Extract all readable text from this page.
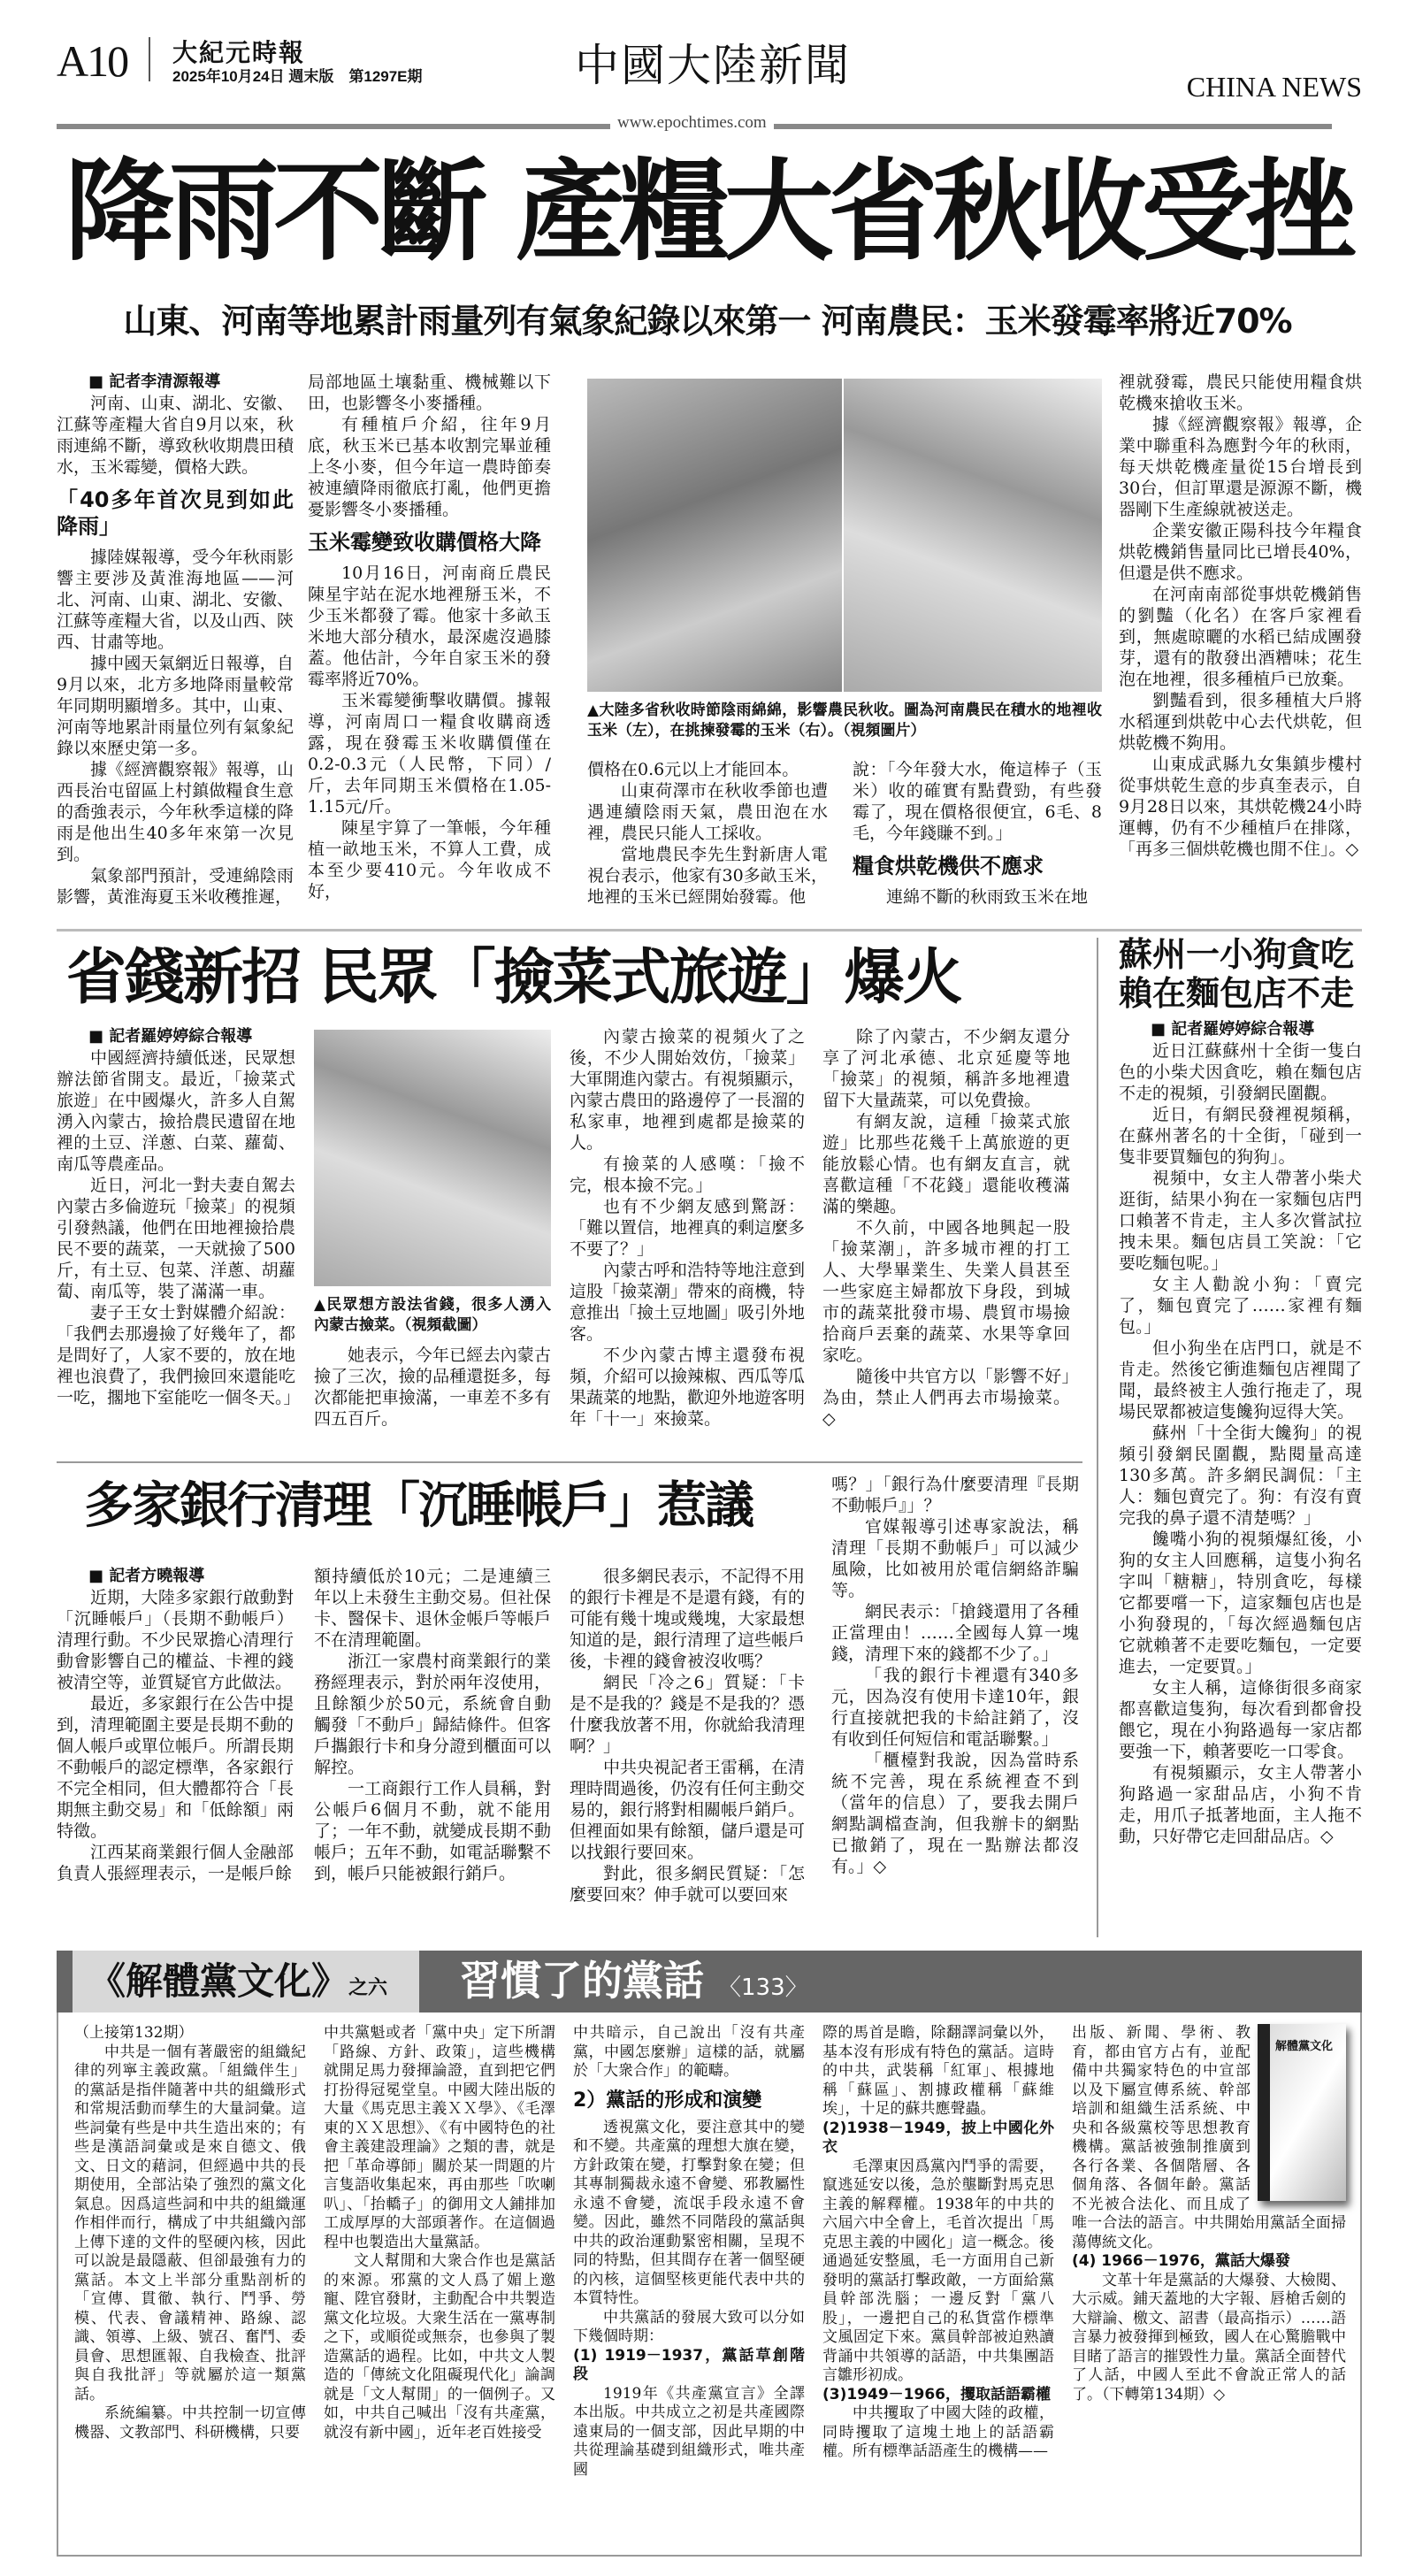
A10 大紀元時報
2025年10月24日 週末版　第1297E期	中國大陸新聞	CHINA NEWS
www.epochtimes.com
降雨不斷 產糧大省秋收受挫
山東、河南等地累計雨量列有氣象紀錄以來第一 河南農民：玉米發霉率將近70%

■ 記者李清源報導

河南、山東、湖北、安徽、江蘇等產糧大省自9月以來，秋雨連綿不斷，導致秋收期農田積水，玉米霉變，價格大跌。

「40多年首次見到如此降雨」

據陸媒報導，受今年秋雨影響主要涉及黃淮海地區——河北、河南、山東、湖北、安徽、江蘇等產糧大省，以及山西、陝西、甘肅等地。

據中國天氣網近日報導，自9月以來，北方多地降雨量較常年同期明顯增多。其中，山東、河南等地累計雨量位列有氣象紀錄以來歷史第一多。

據《經濟觀察報》報導，山西長治屯留區上村鎮做糧食生意的喬強表示，今年秋季這樣的降雨是他出生40多年來第一次見到。

氣象部門預計，受連綿陰雨影響，黃淮海夏玉米收穫推遲，

局部地區土壤黏重、機械難以下田，也影響冬小麥播種。

有種植戶介紹，往年9月底，秋玉米已基本收割完畢並種上冬小麥，但今年這一農時節奏被連續降雨徹底打亂，他們更擔憂影響冬小麥播種。

玉米霉變致收購價格大降

10月16日，河南商丘農民陳星宇站在泥水地裡掰玉米，不少玉米都發了霉。他家十多畝玉米地大部分積水，最深處沒過膝蓋。他估計，今年自家玉米的發霉率將近70%。

玉米霉變衝擊收購價。據報導，河南周口一糧食收購商透露，現在發霉玉米收購價僅在0.2-0.3元（人民幣，下同）/斤，去年同期玉米價格在1.05-1.15元/斤。

陳星宇算了一筆帳，今年種植一畝地玉米，不算人工費，成本至少要410元。今年收成不好，

▲大陸多省秋收時節陰雨綿綿，影響農民秋收。圖為河南農民在積水的地裡收玉米（左），在挑揀發霉的玉米（右）。（視頻圖片）

價格在0.6元以上才能回本。

山東荷澤市在秋收季節也遭遇連續陰雨天氣，農田泡在水裡，農民只能人工採收。

當地農民李先生對新唐人電視台表示，他家有30多畝玉米，地裡的玉米已經開始發霉。他

說：「今年發大水，俺這棒子（玉米）收的確實有點費勁，有些發霉了，現在價格很便宜，6毛、8毛，今年錢賺不到。」

糧食烘乾機供不應求

連綿不斷的秋雨致玉米在地

裡就發霉，農民只能使用糧食烘乾機來搶收玉米。

據《經濟觀察報》報導，企業中聯重科為應對今年的秋雨，每天烘乾機產量從15台增長到30台，但訂單還是源源不斷，機器剛下生產線就被送走。

企業安徽正陽科技今年糧食烘乾機銷售量同比已增長40%，但還是供不應求。

在河南南部從事烘乾機銷售的劉豔（化名）在客戶家裡看到，無處晾曬的水稻已結成團發芽，還有的散發出酒糟味；花生泡在地裡，很多種植戶已放棄。

劉豔看到，很多種植大戶將水稻運到烘乾中心去代烘乾，但烘乾機不夠用。

山東成武縣九女集鎮步樓村從事烘乾生意的步真奎表示，自9月28日以來，其烘乾機24小時運轉，仍有不少種植戶在排隊，「再多三個烘乾機也閒不住」。◇

省錢新招 民眾「撿菜式旅遊」爆火

■ 記者羅婷婷綜合報導

中國經濟持續低迷，民眾想辦法節省開支。最近，「撿菜式旅遊」在中國爆火，許多人自駕湧入內蒙古，撿拾農民遺留在地裡的土豆、洋蔥、白菜、蘿蔔、南瓜等農產品。

近日，河北一對夫妻自駕去內蒙古多倫遊玩「撿菜」的視頻引發熱議，他們在田地裡撿拾農民不要的蔬菜，一天就撿了500斤，有土豆、包菜、洋蔥、胡蘿蔔、南瓜等，裝了滿滿一車。

妻子王女士對媒體介紹說：「我們去那邊撿了好幾年了，都是問好了，人家不要的，放在地裡也浪費了，我們撿回來還能吃一吃，擱地下室能吃一個冬天。」

▲民眾想方設法省錢，很多人湧入內蒙古撿菜。（視頻截圖）

她表示，今年已經去內蒙古撿了三次，撿的品種還挺多，每次都能把車撿滿，一車差不多有四五百斤。

內蒙古撿菜的視頻火了之後，不少人開始效仿，「撿菜」大軍開進內蒙古。有視頻顯示，內蒙古農田的路邊停了一長溜的私家車，地裡到處都是撿菜的人。

有撿菜的人感嘆：「撿不完，根本撿不完。」

也有不少網友感到驚訝：「難以置信，地裡真的剩這麼多不要了？」

內蒙古呼和浩特等地注意到這股「撿菜潮」帶來的商機，特意推出「撿土豆地圖」吸引外地客。

不少內蒙古博主還發布視頻，介紹可以撿辣椒、西瓜等瓜果蔬菜的地點，歡迎外地遊客明年「十一」來撿菜。

除了內蒙古，不少網友還分享了河北承德、北京延慶等地「撿菜」的視頻，稱許多地裡遺留下大量蔬菜，可以免費撿。

有網友說，這種「撿菜式旅遊」比那些花幾千上萬旅遊的更能放鬆心情。也有網友直言，就喜歡這種「不花錢」還能收穫滿滿的樂趣。

不久前，中國各地興起一股「撿菜潮」，許多城市裡的打工人、大學畢業生、失業人員甚至一些家庭主婦都放下身段，到城市的蔬菜批發市場、農貿市場撿拾商戶丟棄的蔬菜、水果等拿回家吃。

隨後中共官方以「影響不好」為由，禁止人們再去市場撿菜。◇

蘇州一小狗貪吃
賴在麵包店不走

■ 記者羅婷婷綜合報導

近日江蘇蘇州十全街一隻白色的小柴犬因貪吃，賴在麵包店不走的視頻，引發網民圍觀。

近日，有網民發裡視頻稱，在蘇州著名的十全街，「碰到一隻非要買麵包的狗狗」。

視頻中，女主人帶著小柴犬逛街，結果小狗在一家麵包店門口賴著不肯走，主人多次嘗試拉拽未果。麵包店員工笑說：「它要吃麵包呢。」

女主人勸說小狗：「賣完了，麵包賣完了……家裡有麵包。」

但小狗坐在店門口，就是不肯走。然後它衝進麵包店裡聞了聞，最終被主人強行拖走了，現場民眾都被這隻饞狗逗得大笑。

蘇州「十全街大饞狗」的視頻引發網民圍觀，點閱量高達130多萬。許多網民調侃：「主人：麵包賣完了。狗：有沒有賣完我的鼻子還不清楚嗎？」

饞嘴小狗的視頻爆紅後，小狗的女主人回應稱，這隻小狗名字叫「糖糖」，特別貪吃，每樣它都要嚐一下，這家麵包店也是小狗發現的，「每次經過麵包店它就賴著不走要吃麵包，一定要進去，一定要買。」

女主人稱，這條街很多商家都喜歡這隻狗，每次看到都會投餵它，現在小狗路過每一家店都要強一下，賴著要吃一口零食。

有視頻顯示，女主人帶著小狗路過一家甜品店，小狗不肯走，用爪子抵著地面，主人拖不動，只好帶它走回甜品店。◇

多家銀行清理「沉睡帳戶」惹議

■ 記者方曉報導

近期，大陸多家銀行啟動對「沉睡帳戶」（長期不動帳戶）清理行動。不少民眾擔心清理行動會影響自己的權益、卡裡的錢被清空等，並質疑官方此做法。

最近，多家銀行在公告中提到，清理範圍主要是長期不動的個人帳戶或單位帳戶。所謂長期不動帳戶的認定標準，各家銀行不完全相同，但大體都符合「長期無主動交易」和「低餘額」兩特徵。

江西某商業銀行個人金融部負責人張經理表示，一是帳戶餘

額持續低於10元；二是連續三年以上未發生主動交易。但社保卡、醫保卡、退休金帳戶等帳戶不在清理範圍。

浙江一家農村商業銀行的業務經理表示，對於兩年沒使用，且餘額少於50元，系統會自動觸發「不動戶」歸結條件。但客戶攜銀行卡和身分證到櫃面可以解控。

一工商銀行工作人員稱，對公帳戶6個月不動，就不能用了；一年不動，就變成長期不動帳戶；五年不動，如電話聯繫不到，帳戶只能被銀行銷戶。

很多網民表示，不記得不用的銀行卡裡是不是還有錢，有的可能有幾十塊或幾塊，大家最想知道的是，銀行清理了這些帳戶後，卡裡的錢會被沒收嗎？

網民「冷之6」質疑：「卡是不是我的？錢是不是我的？憑什麼我放著不用，你就給我清理啊？」

中共央視記者王雷稱，在清理時間過後，仍沒有任何主動交易的，銀行將對相關帳戶銷戶。但裡面如果有餘額，儲戶還是可以找銀行要回來。

對此，很多網民質疑：「怎麼要回來？伸手就可以要回來

嗎？」「銀行為什麼要清理『長期不動帳戶』」？

官媒報導引述專家說法，稱清理「長期不動帳戶」可以減少風險，比如被用於電信網絡詐騙等。

網民表示：「搶錢還用了各種正當理由！……全國每人算一塊錢，清理下來的錢都不少了。」

「我的銀行卡裡還有340多元，因為沒有使用卡達10年，銀行直接就把我的卡給註銷了，沒有收到任何短信和電話聯繫。」

「櫃檯對我說，因為當時系統不完善，現在系統裡查不到（當年的信息）了，要我去開戶網點調檔查詢，但我辦卡的網點已撤銷了，現在一點辦法都沒有。」◇

《解體黨文化》之六	習慣了的黨話 〈133〉

（上接第132期）

中共是一個有著嚴密的組織紀律的列寧主義政黨。「組織伴生」的黨話是指伴隨著中共的組織形式和常規活動而孳生的大量詞彙。這些詞彙有些是中共生造出來的；有些是漢語詞彙或是來自德文、俄文、日文的藉詞，但經過中共的長期使用，全部沾染了強烈的黨文化氣息。因爲這些詞和中共的組織運作相伴而行，構成了中共組織內部上傳下達的文件的堅硬內核，因此可以說是最隱蔽、但卻最強有力的黨話。本文上半部分重點剖析的「宣傳、貫徹、執行、鬥爭、勞模、代表、會議精神、路線、認識、領導、上級、號召、奮鬥、委員會、思想匯報、自我檢查、批評與自我批評」等就屬於這一類黨話。

系統編纂。中共控制一切宣傳機器、文教部門、科研機構，只要

中共黨魁或者「黨中央」定下所謂「路線、方針、政策」，這些機構就開足馬力發揮論證，直到把它們打扮得冠冕堂皇。中國大陸出版的大量《馬克思主義ＸＸ學》、《毛澤東的ＸＸ思想》、《有中國特色的社會主義建設理論》之類的書，就是把「革命導師」關於某一問題的片言隻語收集起來，再由那些「吹喇叭」、「抬轎子」的御用文人鋪排加工成厚厚的大部頭著作。在這個過程中也製造出大量黨話。

文人幫閒和大衆合作也是黨話的來源。邪黨的文人爲了媚上邀寵、陞官發財，主動配合中共製造黨文化垃圾。大衆生活在一黨專制之下，或順從或無奈，也參與了製造黨話的過程。比如，中共文人製造的「傳統文化阻礙現代化」論調就是「文人幫閒」的一個例子。又如，中共自己喊出「沒有共產黨，就沒有新中國」，近年老百姓接受

中共暗示，自己說出「沒有共產黨，中國怎麼辦」這樣的話，就屬於「大衆合作」的範疇。

2）黨話的形成和演變

透視黨文化，要注意其中的變和不變。共產黨的理想大旗在變，方針政策在變，打擊對象在變；但其專制獨裁永遠不會變、邪教屬性永遠不會變，流氓手段永遠不會變。因此，雖然不同階段的黨話與中共的政治運動緊密相關，呈現不同的特點，但其間存在著一個堅硬的內核，這個堅核更能代表中共的本質特性。

中共黨話的發展大致可以分如下幾個時期：

(1) 1919－1937，黨話草創階段

1919年《共產黨宣言》全譯本出版。中共成立之初是共產國際遠東局的一個支部，因此早期的中共從理論基礎到組織形式，唯共產國

際的馬首是瞻，除翻譯詞彙以外，基本沒有形成有特色的黨話。這時的中共，武裝稱「紅軍」、根據地稱「蘇區」、割據政權稱「蘇維埃」，十足的蘇共應聲蟲。

(2)1938－1949，披上中國化外衣

毛澤東因爲黨內鬥爭的需要，竄逃延安以後，急於壟斷對馬克思主義的解釋權。1938年的中共的六屆六中全會上，毛首次提出「馬克思主義的中國化」這一概念。後通過延安整風，毛一方面用自己新發明的黨話打擊政敵，一方面給黨員幹部洗腦；一邊反對「黨八股」，一邊把自己的私貨當作標準文風固定下來。黨員幹部被迫熟讀背誦中共領導的話語，中共集團語言雛形初成。

(3)1949－1966，攫取話語霸權

中共攫取了中國大陸的政權，同時攫取了這塊土地上的話語霸權。所有標準話語產生的機構——

解體黨文化

出版、新聞、學術、教育，都由官方占有，並配備中共獨家特色的中宣部以及下屬宣傳系統、幹部培訓和組織生活系統、中央和各級黨校等思想教育機構。黨話被強制推廣到各行各業、各個階層、各個角落、各個年齡。黨話不光被合法化、而且成了唯一合法的語言。中共開始用黨話全面掃蕩傳統文化。

(4) 1966－1976，黨話大爆發

文革十年是黨話的大爆發、大檢閱、大示威。鋪天蓋地的大字報、唇槍舌劍的大辯論、檄文、詔書（最高指示）……語言暴力被發揮到極致，國人在心驚膽戰中目睹了語言的摧毀性力量。黨話全面替代了人話，中國人至此不會說正常人的話了。（下轉第134期）◇
